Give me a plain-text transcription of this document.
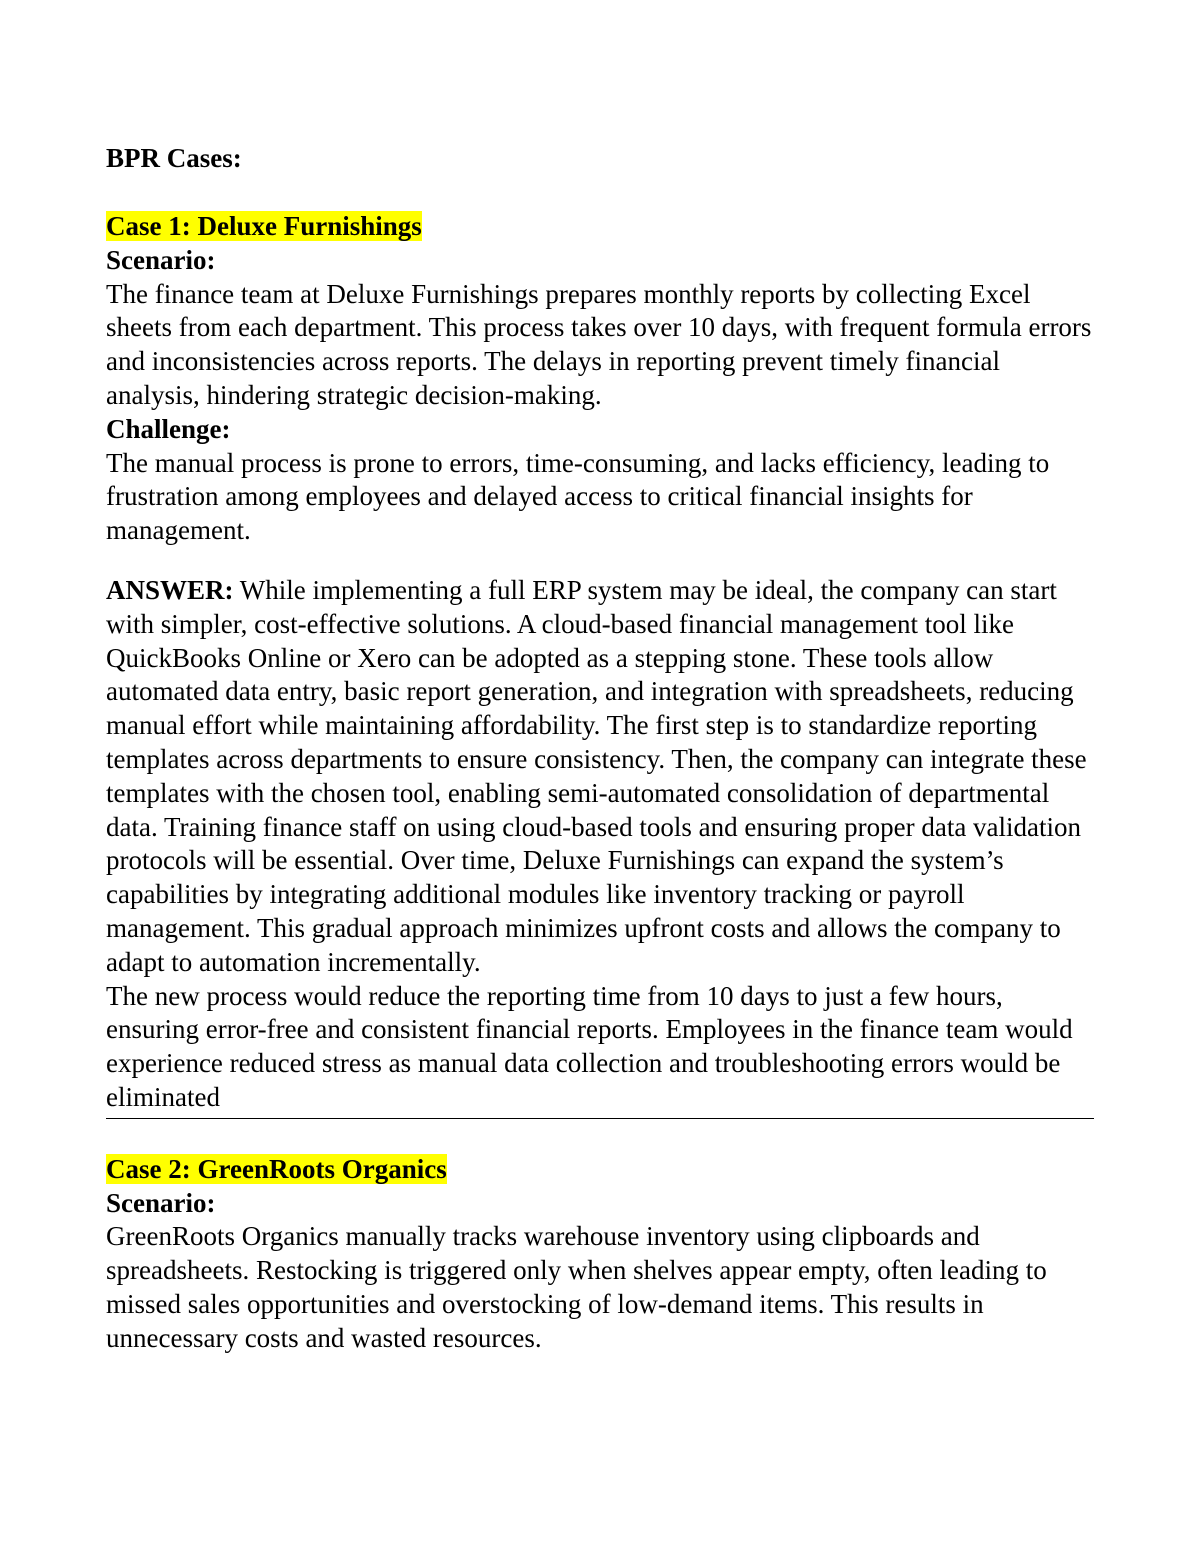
BPR Cases:

Case 1: Deluxe Furnishings

Scenario:

The finance team at Deluxe Furnishings prepares monthly reports by collecting Excel sheets from each department. This process takes over 10 days, with frequent formula errors and inconsistencies across reports. The delays in reporting prevent timely financial analysis, hindering strategic decision-making.

Challenge:

The manual process is prone to errors, time-consuming, and lacks efficiency, leading to frustration among employees and delayed access to critical financial insights for management.

ANSWER: While implementing a full ERP system may be ideal, the company can start with simpler, cost-effective solutions. A cloud-based financial management tool like QuickBooks Online or Xero can be adopted as a stepping stone. These tools allow automated data entry, basic report generation, and integration with spreadsheets, reducing manual effort while maintaining affordability. The first step is to standardize reporting templates across departments to ensure consistency. Then, the company can integrate these templates with the chosen tool, enabling semi-automated consolidation of departmental data. Training finance staff on using cloud-based tools and ensuring proper data validation protocols will be essential. Over time, Deluxe Furnishings can expand the system’s capabilities by integrating additional modules like inventory tracking or payroll management. This gradual approach minimizes upfront costs and allows the company to adapt to automation incrementally.

The new process would reduce the reporting time from 10 days to just a few hours, ensuring error-free and consistent financial reports. Employees in the finance team would experience reduced stress as manual data collection and troubleshooting errors would be eliminated

Case 2: GreenRoots Organics

Scenario:

GreenRoots Organics manually tracks warehouse inventory using clipboards and spreadsheets. Restocking is triggered only when shelves appear empty, often leading to missed sales opportunities and overstocking of low-demand items. This results in unnecessary costs and wasted resources.
